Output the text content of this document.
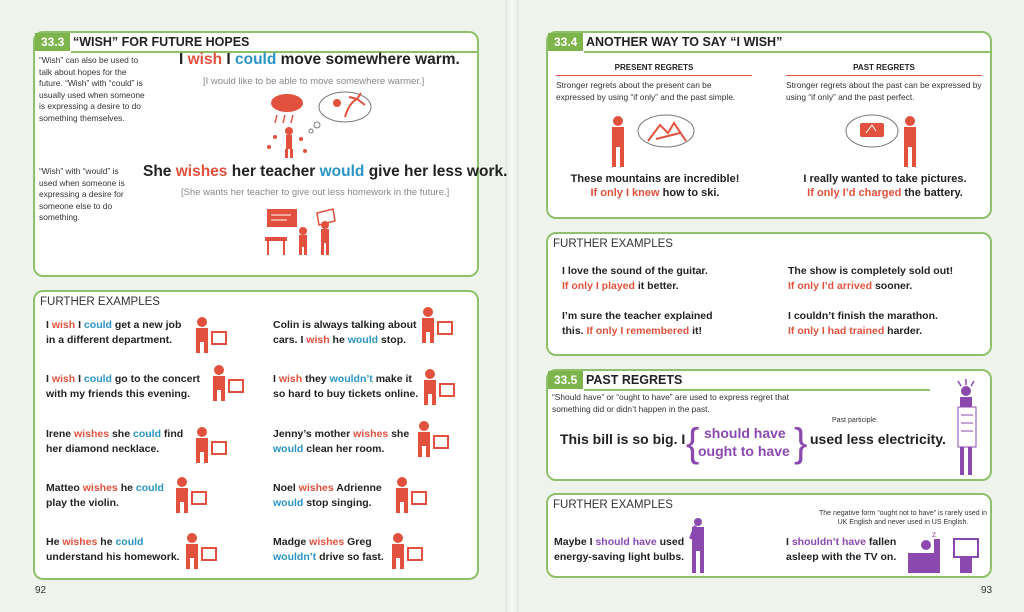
33.3 “WISH” FOR FUTURE HOPES
“Wish” can also be used to talk about hopes for the future. “Wish” with “could” is usually used when someone is expressing a desire to do something themselves.
“Wish” with “would” is used when someone is expressing a desire for someone else to do something.
I wish I could move somewhere warm.
[I would like to be able to move somewhere warmer.]
She wishes her teacher would give her less work.
[She wants her teacher to give out less homework in the future.]
FURTHER EXAMPLES
92
33.4 ANOTHER WAY TO SAY “I WISH”
PRESENT REGRETS
Stronger regrets about the present can be expressed by using “if only” and the past simple.
PAST REGRETS
Stronger regrets about the past can be expressed by using “if only” and the past perfect.
These mountains are incredible!
If only I knew how to ski.
I really wanted to take pictures.
If only I’d charged the battery.
FURTHER EXAMPLES
I love the sound of the guitar.
If only I played it better.
The show is completely sold out!
If only I’d arrived sooner.
I’m sure the teacher explained
this. If only I remembered it!
I couldn’t finish the marathon.
If only I had trained harder.
33.5 PAST REGRETS
“Should have” or “ought to have” are used to express regret that something did or didn’t happen in the past.
Past participle.
This bill is so big. I { should have
ought to have } used less electricity.
FURTHER EXAMPLES
Maybe I should have used
energy-saving light bulbs.
The negative form “ought not to have” is rarely used in UK English and never used in US English.
I shouldn’t have fallen
asleep with the TV on.
z
93
I wish I could get a new job
in a different department.
I wish I could go to the concert
with my friends this evening.
Irene wishes she could find
her diamond necklace.
Matteo wishes he could
play the violin.
He wishes he could
understand his homework.
Colin is always talking about
cars. I wish he would stop.
I wish they wouldn’t make it
so hard to buy tickets online.
Jenny’s mother wishes she
would clean her room.
Noel wishes Adrienne
would stop singing.
Madge wishes Greg
wouldn’t drive so fast.
